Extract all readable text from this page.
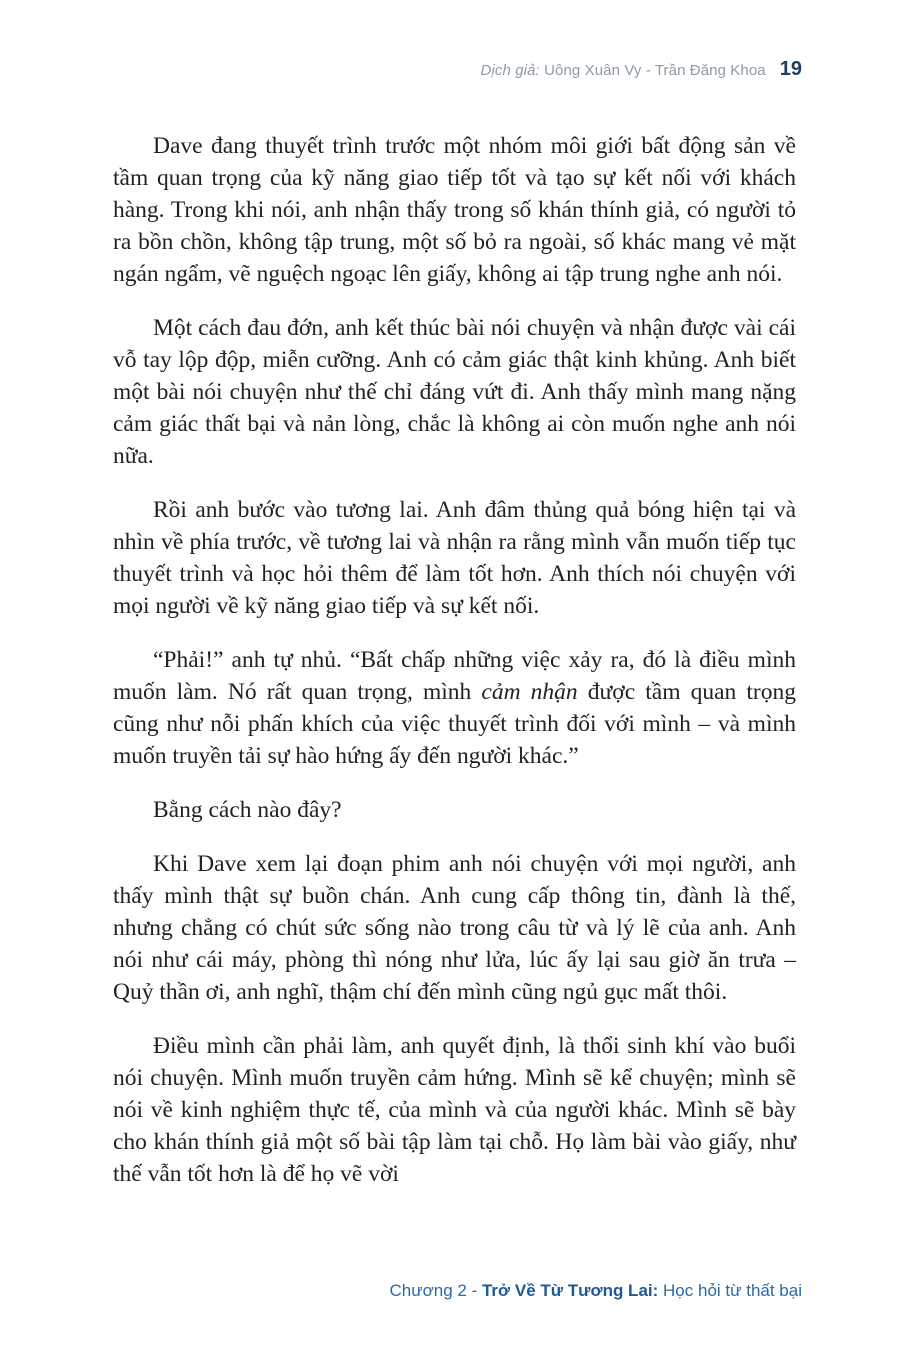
Dịch giả: Uông Xuân Vy - Trần Đăng Khoa 19

Dave đang thuyết trình trước một nhóm môi giới bất động sản về tầm quan trọng của kỹ năng giao tiếp tốt và tạo sự kết nối với khách hàng. Trong khi nói, anh nhận thấy trong số khán thính giả, có người tỏ ra bồn chồn, không tập trung, một số bỏ ra ngoài, số khác mang vẻ mặt ngán ngẩm, vẽ nguệch ngoạc lên giấy, không ai tập trung nghe anh nói.

Một cách đau đớn, anh kết thúc bài nói chuyện và nhận được vài cái vỗ tay lộp độp, miễn cưỡng. Anh có cảm giác thật kinh khủng. Anh biết một bài nói chuyện như thế chỉ đáng vứt đi. Anh thấy mình mang nặng cảm giác thất bại và nản lòng, chắc là không ai còn muốn nghe anh nói nữa.

Rồi anh bước vào tương lai. Anh đâm thủng quả bóng hiện tại và nhìn về phía trước, về tương lai và nhận ra rằng mình vẫn muốn tiếp tục thuyết trình và học hỏi thêm để làm tốt hơn. Anh thích nói chuyện với mọi người về kỹ năng giao tiếp và sự kết nối.

“Phải!” anh tự nhủ. “Bất chấp những việc xảy ra, đó là điều mình muốn làm. Nó rất quan trọng, mình cảm nhận được tầm quan trọng cũng như nỗi phấn khích của việc thuyết trình đối với mình – và mình muốn truyền tải sự hào hứng ấy đến người khác.”

Bằng cách nào đây?

Khi Dave xem lại đoạn phim anh nói chuyện với mọi người, anh thấy mình thật sự buồn chán. Anh cung cấp thông tin, đành là thế, nhưng chẳng có chút sức sống nào trong câu từ và lý lẽ của anh. Anh nói như cái máy, phòng thì nóng như lửa, lúc ấy lại sau giờ ăn trưa – Quỷ thần ơi, anh nghĩ, thậm chí đến mình cũng ngủ gục mất thôi.

Điều mình cần phải làm, anh quyết định, là thổi sinh khí vào buổi nói chuyện. Mình muốn truyền cảm hứng. Mình sẽ kể chuyện; mình sẽ nói về kinh nghiệm thực tế, của mình và của người khác. Mình sẽ bày cho khán thính giả một số bài tập làm tại chỗ. Họ làm bài vào giấy, như thế vẫn tốt hơn là để họ vẽ vời

Chương 2 - Trở Về Từ Tương Lai: Học hỏi từ thất bại
